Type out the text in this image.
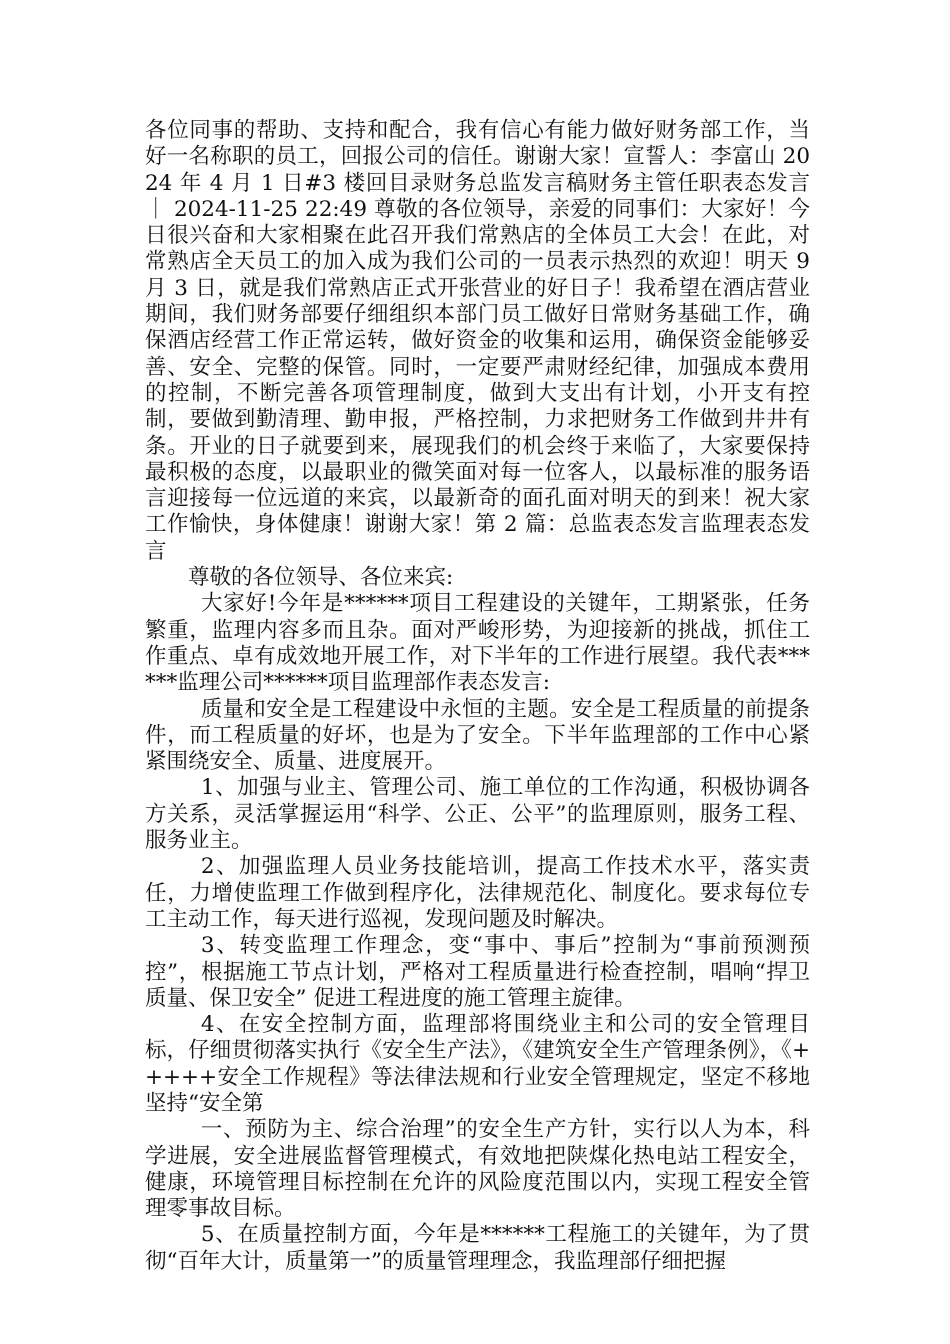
各位同事的帮助、支持和配合，我有信心有能力做好财务部工作，当好一名称职的员工，回报公司的信任。谢谢大家！宣誓人：李富山 2024 年 4 月 1 日#3 楼回目录财务总监发言稿财务主管任职表态发言 ｜ 2024-11-25 22:49 尊敬的各位领导，亲爱的同事们：大家好！今日很兴奋和大家相聚在此召开我们常熟店的全体员工大会！在此，对常熟店全天员工的加入成为我们公司的一员表示热烈的欢迎！明天 9 月 3 日，就是我们常熟店正式开张营业的好日子！我希望在酒店营业期间，我们财务部要仔细组织本部门员工做好日常财务基础工作，确保酒店经营工作正常运转，做好资金的收集和运用，确保资金能够妥善、安全、完整的保管。同时，一定要严肃财经纪律，加强成本费用的控制，不断完善各项管理制度，做到大支出有计划，小开支有控制，要做到勤清理、勤申报，严格控制，力求把财务工作做到井井有条。开业的日子就要到来，展现我们的机会终于来临了，大家要保持最积极的态度，以最职业的微笑面对每一位客人，以最标准的服务语言迎接每一位远道的来宾，以最新奇的面孔面对明天的到来！祝大家工作愉快，身体健康！谢谢大家！第 2 篇：总监表态发言监理表态发言

尊敬的各位领导、各位来宾:

大家好!今年是******项目工程建设的关键年，工期紧张，任务繁重，监理内容多而且杂。面对严峻形势，为迎接新的挑战，抓住工作重点、卓有成效地开展工作，对下半年的工作进行展望。我代表******监理公司******项目监理部作表态发言:

质量和安全是工程建设中永恒的主题。安全是工程质量的前提条件，而工程质量的好坏，也是为了安全。下半年监理部的工作中心紧紧围绕安全、质量、进度展开。

1、加强与业主、管理公司、施工单位的工作沟通，积极协调各方关系，灵活掌握运用“科学、公正、公平”的监理原则，服务工程、服务业主。

2、加强监理人员业务技能培训，提高工作技术水平，落实责任，力增使监理工作做到程序化，法律规范化、制度化。要求每位专工主动工作，每天进行巡视，发现问题及时解决。

3、转变监理工作理念，变“事中、事后”控制为“事前预测预控”，根据施工节点计划，严格对工程质量进行检查控制，唱响“捍卫质量、保卫安全” 促进工程进度的施工管理主旋律。

4、在安全控制方面，监理部将围绕业主和公司的安全管理目标，仔细贯彻落实执行《安全生产法》，《建筑安全生产管理条例》，《+++++安全工作规程》等法律法规和行业安全管理规定，坚定不移地坚持“安全第

一、预防为主、综合治理”的安全生产方针，实行以人为本，科学进展，安全进展监督管理模式，有效地把陕煤化热电站工程安全，健康，环境管理目标控制在允许的风险度范围以内，实现工程安全管理零事故目标。

5、在质量控制方面，今年是******工程施工的关键年，为了贯彻“百年大计，质量第一”的质量管理理念，我监理部仔细把握
